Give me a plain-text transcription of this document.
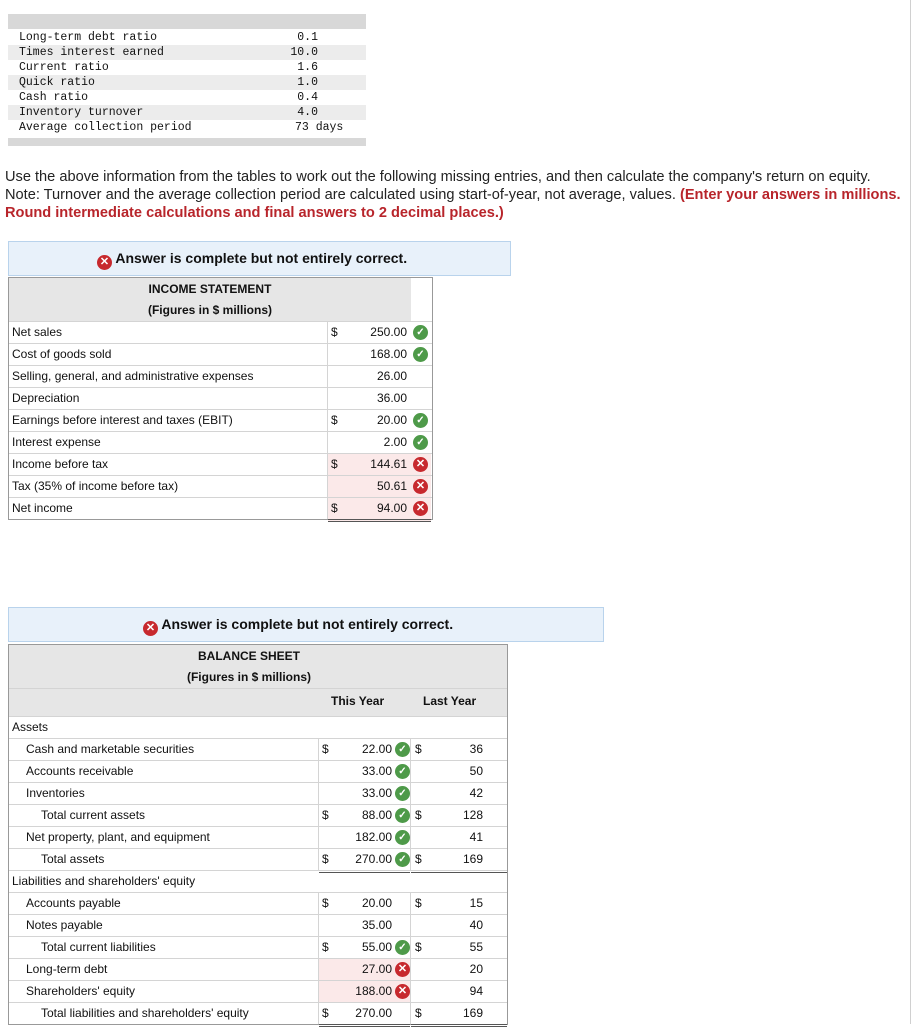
Long-term debt ratio	0.1
Times interest earned	10.0
Current ratio	1.6
Quick ratio	1.0
Cash ratio	0.4
Inventory turnover	4.0
Average collection period	73 days
Use the above information from the tables to work out the following missing entries, and then calculate the company's return on equity. Note: Turnover and the average collection period are calculated using start-of-year, not average, values. (Enter your answers in millions. Round intermediate calculations and final answers to 2 decimal places.)
✕ Answer is complete but not entirely correct.
INCOME STATEMENT
(Figures in $ millions)
Net sales	$	250.00 ✓
Cost of goods sold	168.00 ✓
Selling, general, and administrative expenses	26.00
Depreciation	36.00
Earnings before interest and taxes (EBIT)	$	20.00 ✓
Interest expense	2.00 ✓
Income before tax	$	144.61 ✕
Tax (35% of income before tax)	50.61 ✕
Net income	$	94.00 ✕
✕ Answer is complete but not entirely correct.
BALANCE SHEET
(Figures in $ millions)
This Year	Last Year
Assets
Cash and marketable securities	$	22.00 ✓ $	36
Accounts receivable	33.00 ✓	50
Inventories	33.00 ✓	42
Total current assets	$	88.00 ✓ $	128
Net property, plant, and equipment	182.00 ✓	41
Total assets	$ 270.00 ✓ $	169
Liabilities and shareholders' equity
Accounts payable	$	20.00 $	15
Notes payable	35.00	40
Total current liabilities	$	55.00 ✓ $	55
Long-term debt	27.00 ✕	20
Shareholders' equity	188.00 ✕	94
Total liabilities and shareholders' equity	$ 270.00 $	169
